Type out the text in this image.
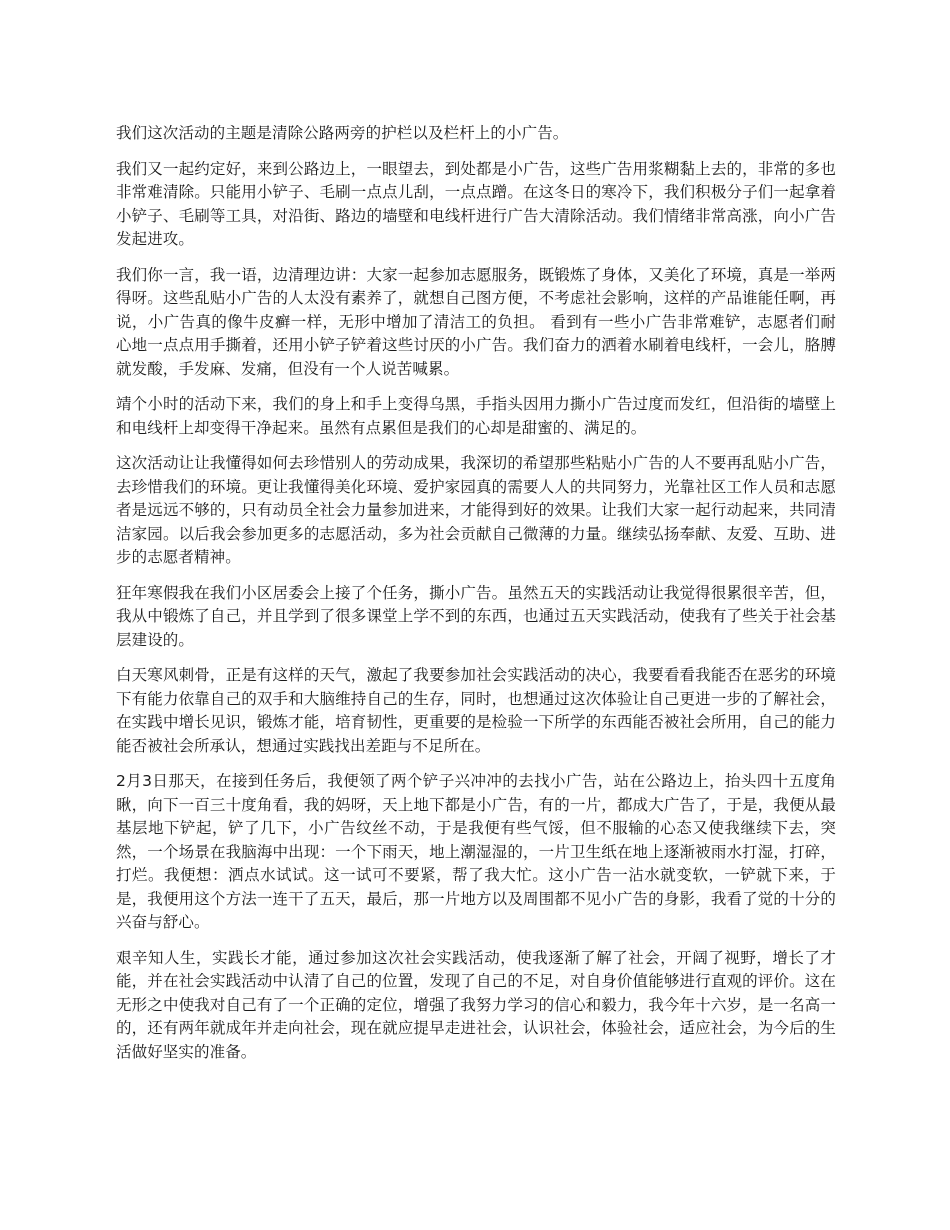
我们这次活动的主题是清除公路两旁的护栏以及栏杆上的小广告。

我们又一起约定好，来到公路边上，一眼望去，到处都是小广告，这些广告用浆糊黏上去的，非常的多也非常难清除。只能用小铲子、毛刷一点点儿刮，一点点蹭。在这冬日的寒冷下，我们积极分子们一起拿着小铲子、毛刷等工具，对沿街、路边的墙壁和电线杆进行广告大清除活动。我们情绪非常高涨，向小广告发起进攻。

我们你一言，我一语，边清理边讲：大家一起参加志愿服务，既锻炼了身体，又美化了环境，真是一举两得呀。这些乱贴小广告的人太没有素养了，就想自己图方便，不考虑社会影响，这样的产品谁能任啊，再说，小广告真的像牛皮癣一样，无形中增加了清洁工的负担。 看到有一些小广告非常难铲，志愿者们耐心地一点点用手撕着，还用小铲子铲着这些讨厌的小广告。我们奋力的洒着水刷着电线杆，一会儿，胳膊就发酸，手发麻、发痛，但没有一个人说苦喊累。

靖个小时的活动下来，我们的身上和手上变得乌黑，手指头因用力撕小广告过度而发红，但沿街的墙壁上和电线杆上却变得干净起来。虽然有点累但是我们的心却是甜蜜的、满足的。

这次活动让让我懂得如何去珍惜别人的劳动成果，我深切的希望那些粘贴小广告的人不要再乱贴小广告，去珍惜我们的环境。更让我懂得美化环境、爱护家园真的需要人人的共同努力，光靠社区工作人员和志愿者是远远不够的，只有动员全社会力量参加进来，才能得到好的效果。让我们大家一起行动起来，共同清洁家园。以后我会参加更多的志愿活动，多为社会贡献自己微薄的力量。继续弘扬奉献、友爱、互助、进步的志愿者精神。

狂年寒假我在我们小区居委会上接了个任务，撕小广告。虽然五天的实践活动让我觉得很累很辛苦，但，我从中锻炼了自己，并且学到了很多课堂上学不到的东西，也通过五天实践活动，使我有了些关于社会基层建设的。

白天寒风刺骨，正是有这样的天气，激起了我要参加社会实践活动的决心，我要看看我能否在恶劣的环境下有能力依靠自己的双手和大脑维持自己的生存，同时，也想通过这次体验让自己更进一步的了解社会，在实践中增长见识，锻炼才能，培育韧性，更重要的是检验一下所学的东西能否被社会所用，自己的能力能否被社会所承认，想通过实践找出差距与不足所在。

2月3日那天，在接到任务后，我便领了两个铲子兴冲冲的去找小广告，站在公路边上，抬头四十五度角瞅，向下一百三十度角看，我的妈呀，天上地下都是小广告，有的一片，都成大广告了，于是，我便从最基层地下铲起，铲了几下，小广告纹丝不动，于是我便有些气馁，但不服输的心态又使我继续下去，突然，一个场景在我脑海中出现：一个下雨天，地上潮湿湿的，一片卫生纸在地上逐渐被雨水打湿，打碎，打烂。我便想：洒点水试试。这一试可不要紧，帮了我大忙。这小广告一沾水就变软，一铲就下来，于是，我便用这个方法一连干了五天，最后，那一片地方以及周围都不见小广告的身影，我看了觉的十分的兴奋与舒心。

艰辛知人生，实践长才能，通过参加这次社会实践活动，使我逐渐了解了社会，开阔了视野，增长了才能，并在社会实践活动中认清了自己的位置，发现了自己的不足，对自身价值能够进行直观的评价。这在无形之中使我对自己有了一个正确的定位，增强了我努力学习的信心和毅力，我今年十六岁，是一名高一的，还有两年就成年并走向社会，现在就应提早走进社会，认识社会，体验社会，适应社会，为今后的生活做好坚实的准备。
